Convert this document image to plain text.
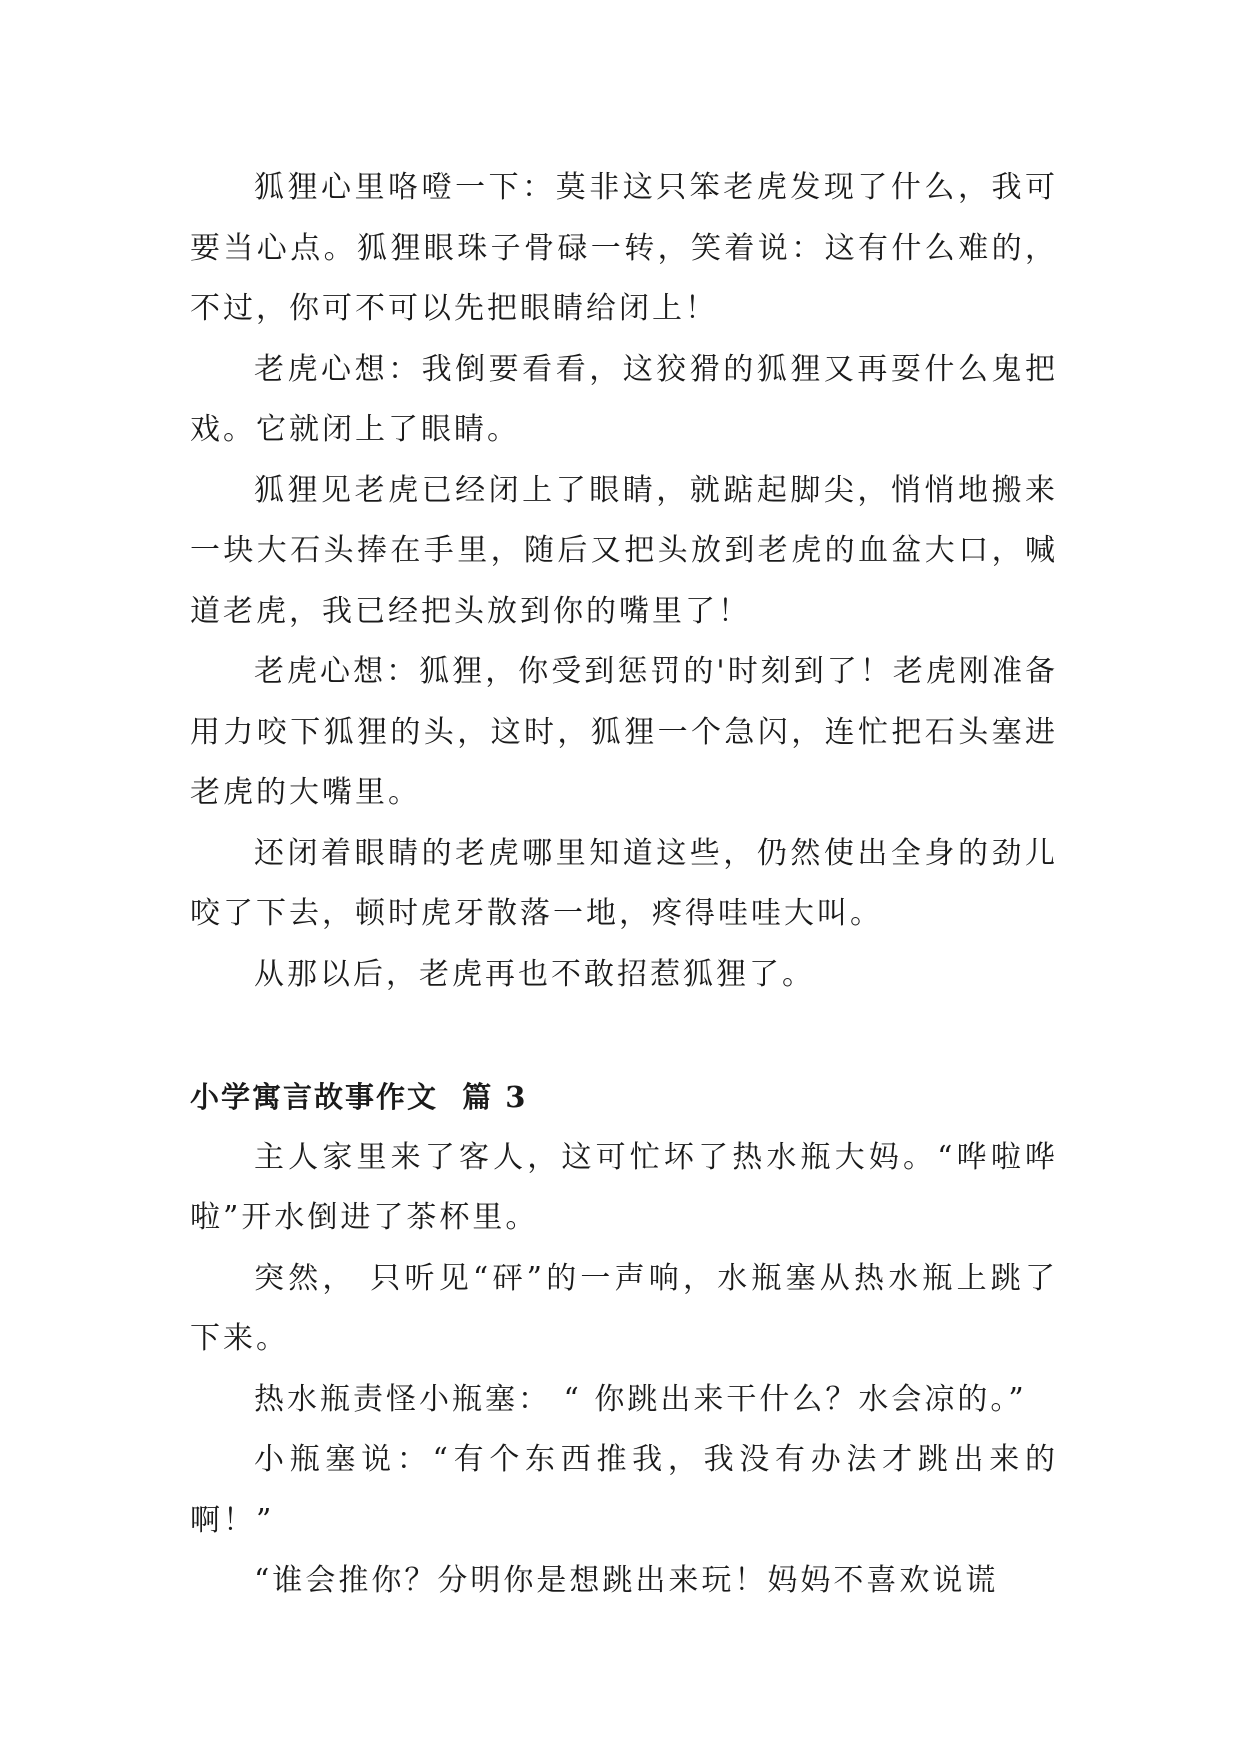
狐狸心里咯噔一下：莫非这只笨老虎发现了什么，我可要当心点。狐狸眼珠子骨碌一转，笑着说：这有什么难的，不过，你可不可以先把眼睛给闭上！

老虎心想：我倒要看看，这狡猾的狐狸又再耍什么鬼把戏。它就闭上了眼睛。

狐狸见老虎已经闭上了眼睛，就踮起脚尖，悄悄地搬来一块大石头捧在手里，随后又把头放到老虎的血盆大口，喊道老虎，我已经把头放到你的嘴里了！

老虎心想：狐狸，你受到惩罚的'时刻到了！老虎刚准备用力咬下狐狸的头，这时，狐狸一个急闪，连忙把石头塞进老虎的大嘴里。

还闭着眼睛的老虎哪里知道这些，仍然使出全身的劲儿咬了下去，顿时虎牙散落一地，疼得哇哇大叫。

从那以后，老虎再也不敢招惹狐狸了。

小学寓言故事作文  篇 3

主人家里来了客人，这可忙坏了热水瓶大妈。“哗啦哗啦”开水倒进了茶杯里。

突然， 只听见“砰”的一声响，水瓶塞从热水瓶上跳了下来。

热水瓶责怪小瓶塞： “ 你跳出来干什么？水会凉的。”

小瓶塞说：“有个东西推我，我没有办法才跳出来的啊！”

“谁会推你？分明你是想跳出来玩！妈妈不喜欢说谎
